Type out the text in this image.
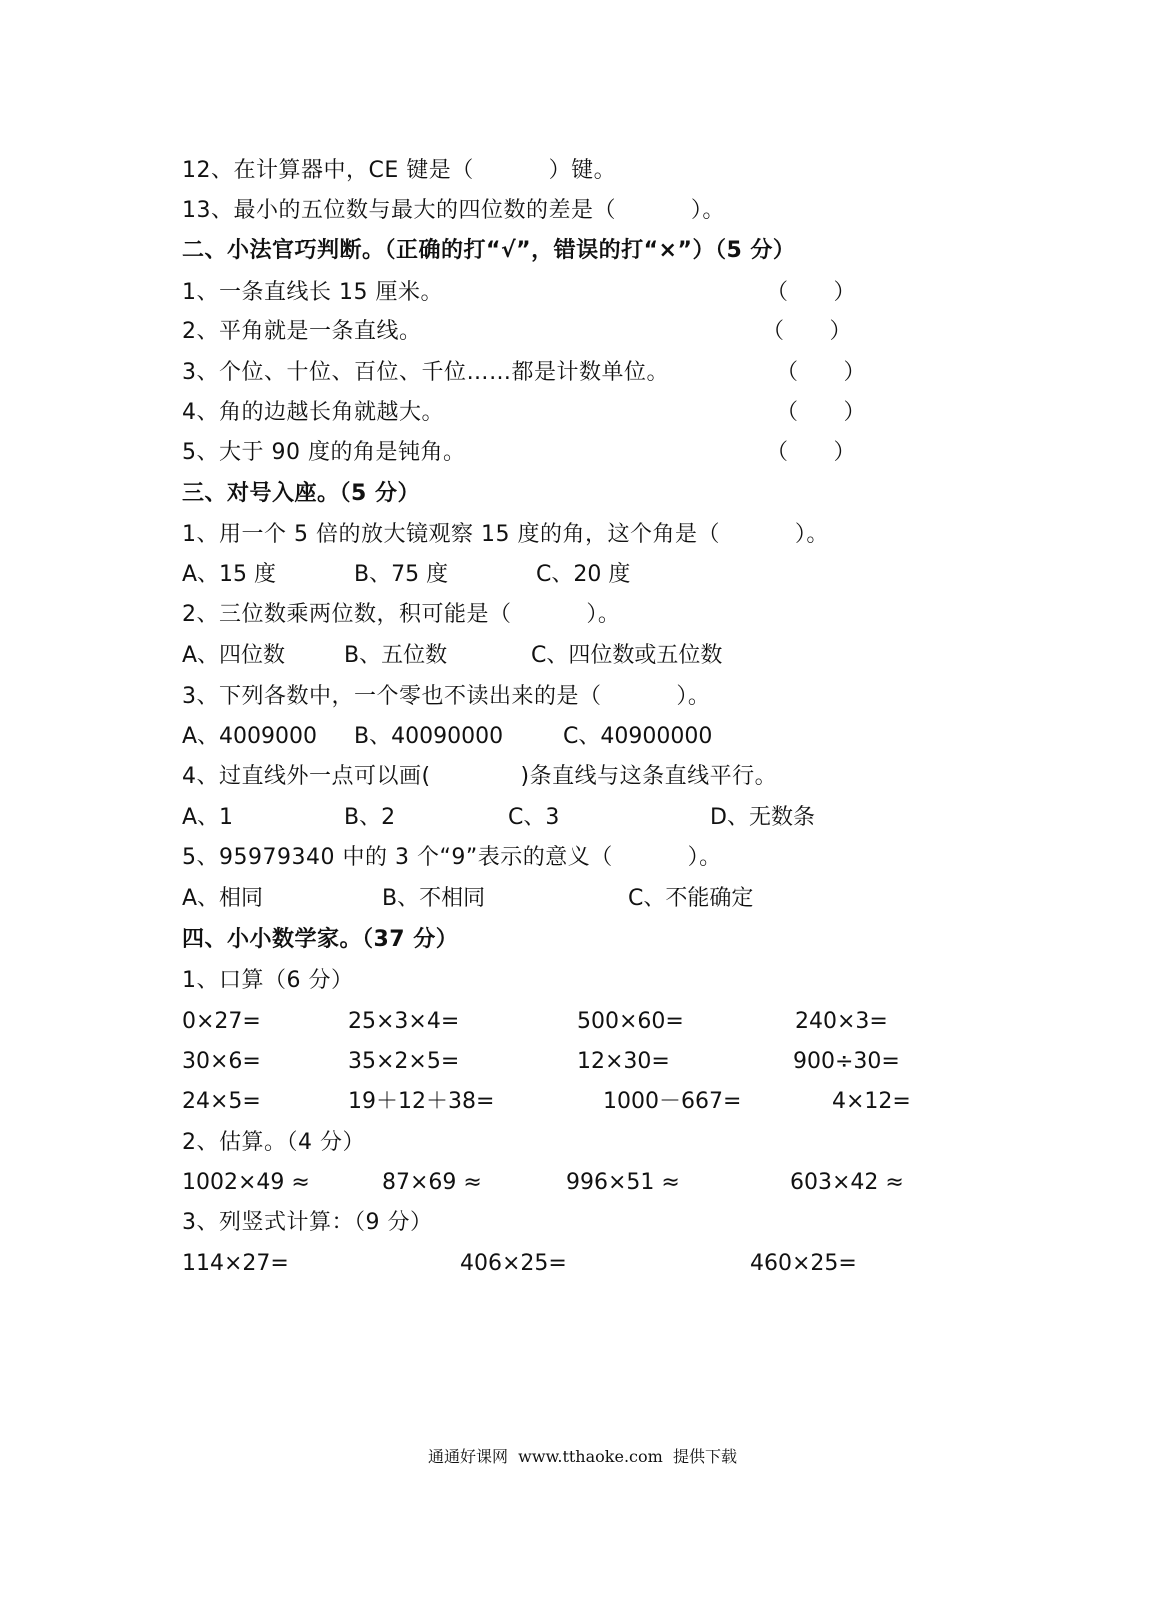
12、在计算器中，CE 键是（          ）键。
13、最小的五位数与最大的四位数的差是（          ）。
二、小法官巧判断。（正确的打“√”，错误的打“×”）（5 分）
1、一条直线长 15 厘米。	（      ）
2、平角就是一条直线。	（      ）
3、个位、十位、百位、千位……都是计数单位。	（      ）
4、角的边越长角就越大。	（      ）
5、大于 90 度的角是钝角。	（      ）
三、对号入座。（5 分）
1、用一个 5 倍的放大镜观察 15 度的角，这个角是（          ）。
A、15 度	B、75 度	C、20 度
2、三位数乘两位数，积可能是（          ）。
A、四位数	B、五位数	C、四位数或五位数
3、下列各数中，一个零也不读出来的是（          ）。
A、4009000 B、40090000	C、40900000
4、过直线外一点可以画(            )条直线与这条直线平行。
A、1	B、2	C、3	D、无数条
5、95979340 中的 3 个“9”表示的意义（          ）。
A、相同	B、不相同	C、不能确定
四、小小数学家。（37 分）
1、口算（6 分）
0×27=	25×3×4=	500×60=	240×3=
30×6=	35×2×5=	12×30=	900÷30=
24×5=	19＋12＋38=	1000－667=	4×12=
2、估算。（4 分）
1002×49 ≈	87×69 ≈	996×51 ≈	603×42 ≈
3、列竖式计算：（9 分）
114×27=	406×25=	460×25=
通通好课网  www.tthaoke.com  提供下载
